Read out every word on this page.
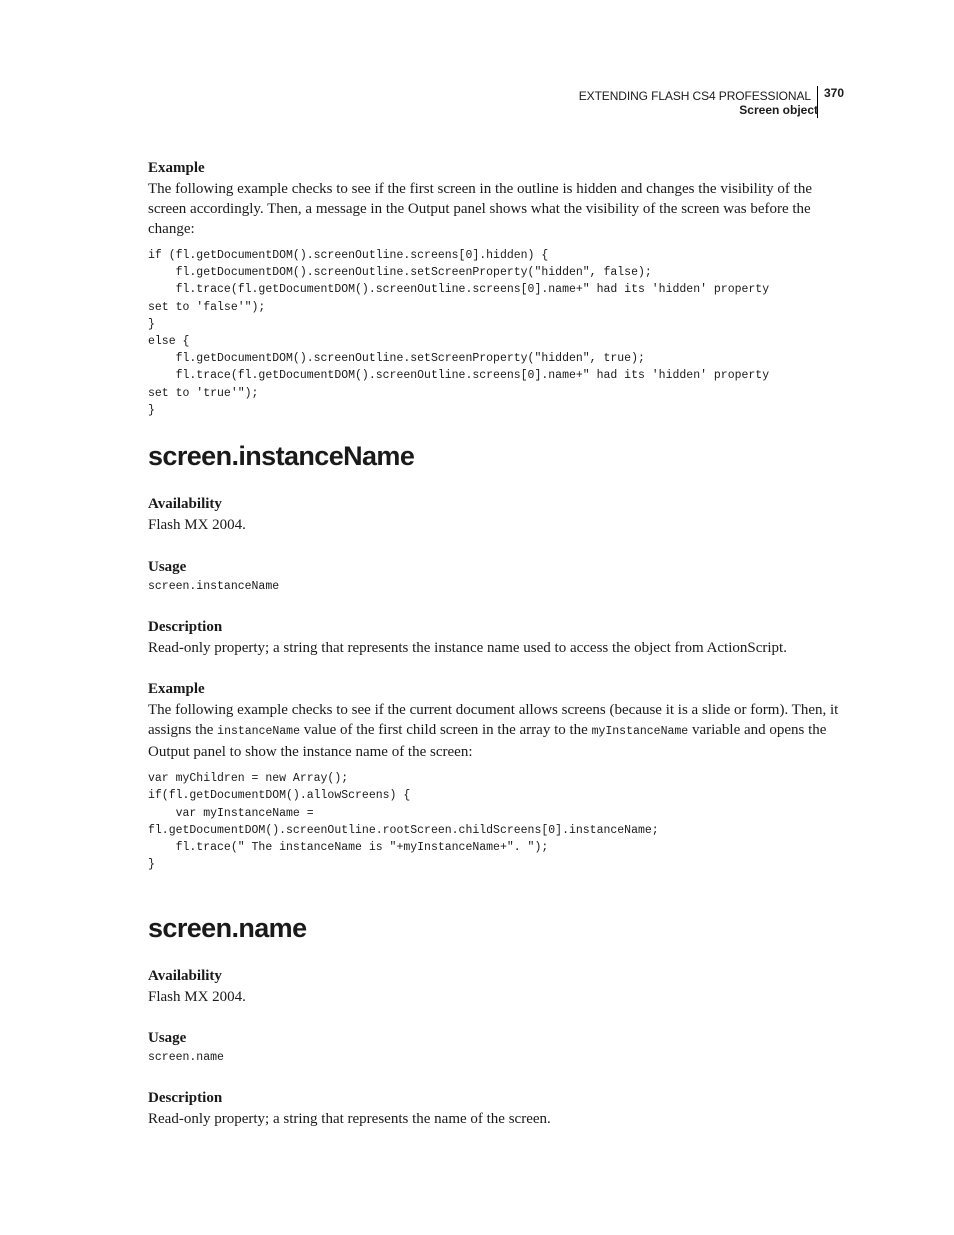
EXTENDING FLASH CS4 PROFESSIONAL	370
Screen object

Example

The following example checks to see if the first screen in the outline is hidden and changes the visibility of the screen accordingly. Then, a message in the Output panel shows what the visibility of the screen was before the change:

if (fl.getDocumentDOM().screenOutline.screens[0].hidden) {
fl.getDocumentDOM().screenOutline.setScreenProperty("hidden", false);
fl.trace(fl.getDocumentDOM().screenOutline.screens[0].name+" had its 'hidden' property
set to 'false'");
}
else {
fl.getDocumentDOM().screenOutline.setScreenProperty("hidden", true);
fl.trace(fl.getDocumentDOM().screenOutline.screens[0].name+" had its 'hidden' property
set to 'true'");
}
screen.instanceName

Availability

Flash MX 2004.

Usage

screen.instanceName

Description

Read-only property; a string that represents the instance name used to access the object from ActionScript.

Example

The following example checks to see if the current document allows screens (because it is a slide or form). Then, it assigns the instanceName value of the first child screen in the array to the myInstanceName variable and opens the Output panel to show the instance name of the screen:

var myChildren = new Array();
if(fl.getDocumentDOM().allowScreens) {
var myInstanceName =
fl.getDocumentDOM().screenOutline.rootScreen.childScreens[0].instanceName;
fl.trace(" The instanceName is "+myInstanceName+". ");
}
screen.name

Availability

Flash MX 2004.

Usage

screen.name

Description

Read-only property; a string that represents the name of the screen.
